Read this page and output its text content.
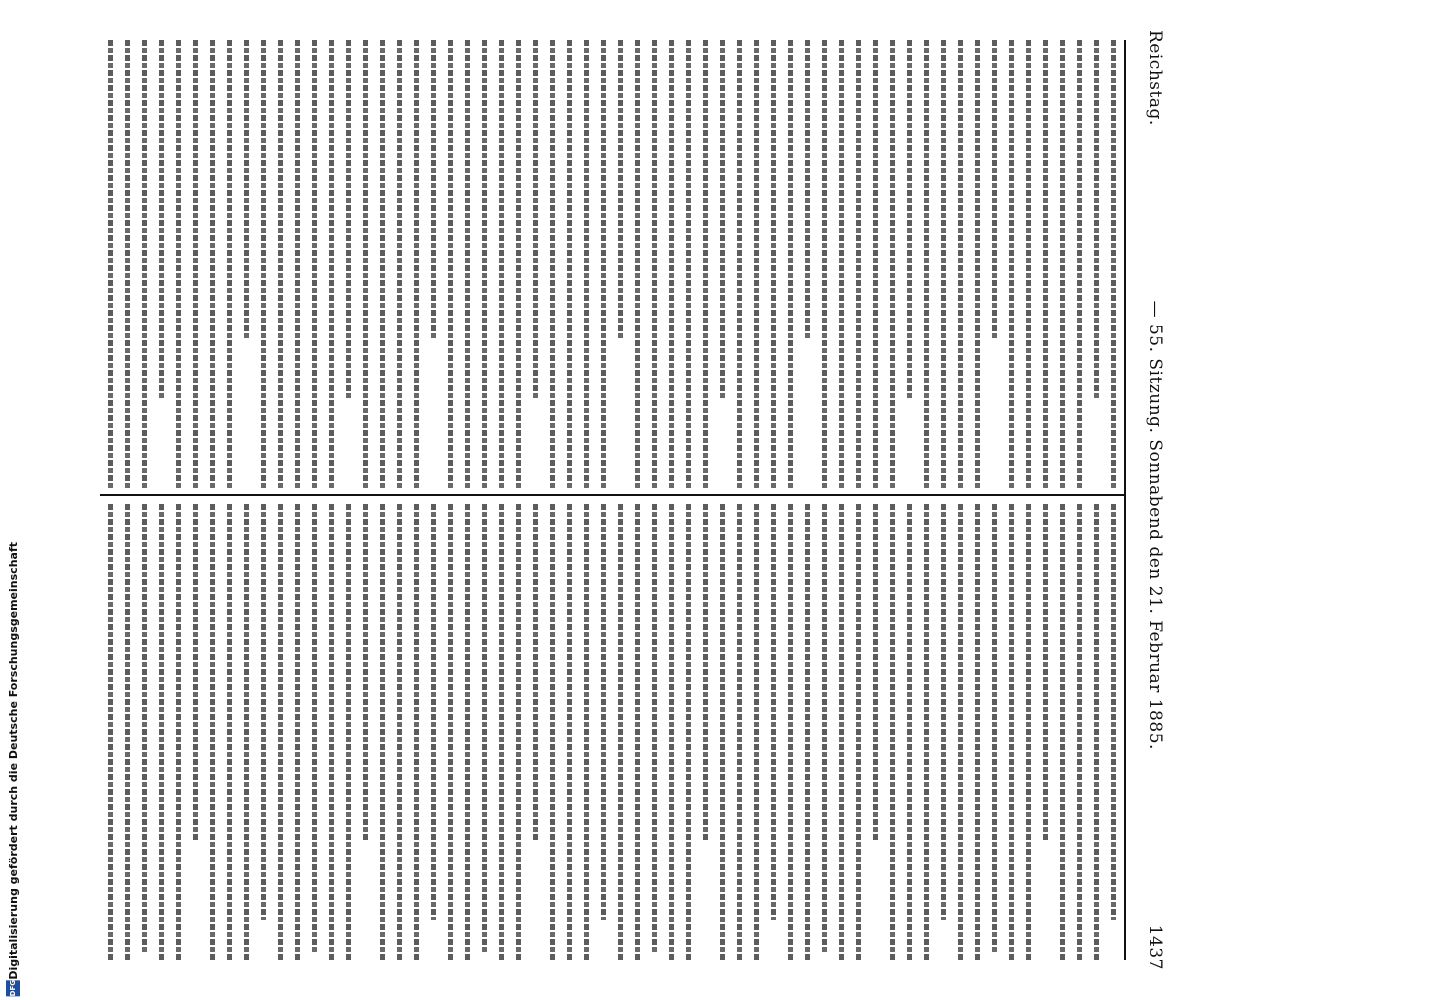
Reichstag.
— 55. Sitzung. Sonnabend den 21. Februar 1885.
1437
DFG
Digitalisierung gefördert durch die Deutsche Forschungsgemeinschaft
